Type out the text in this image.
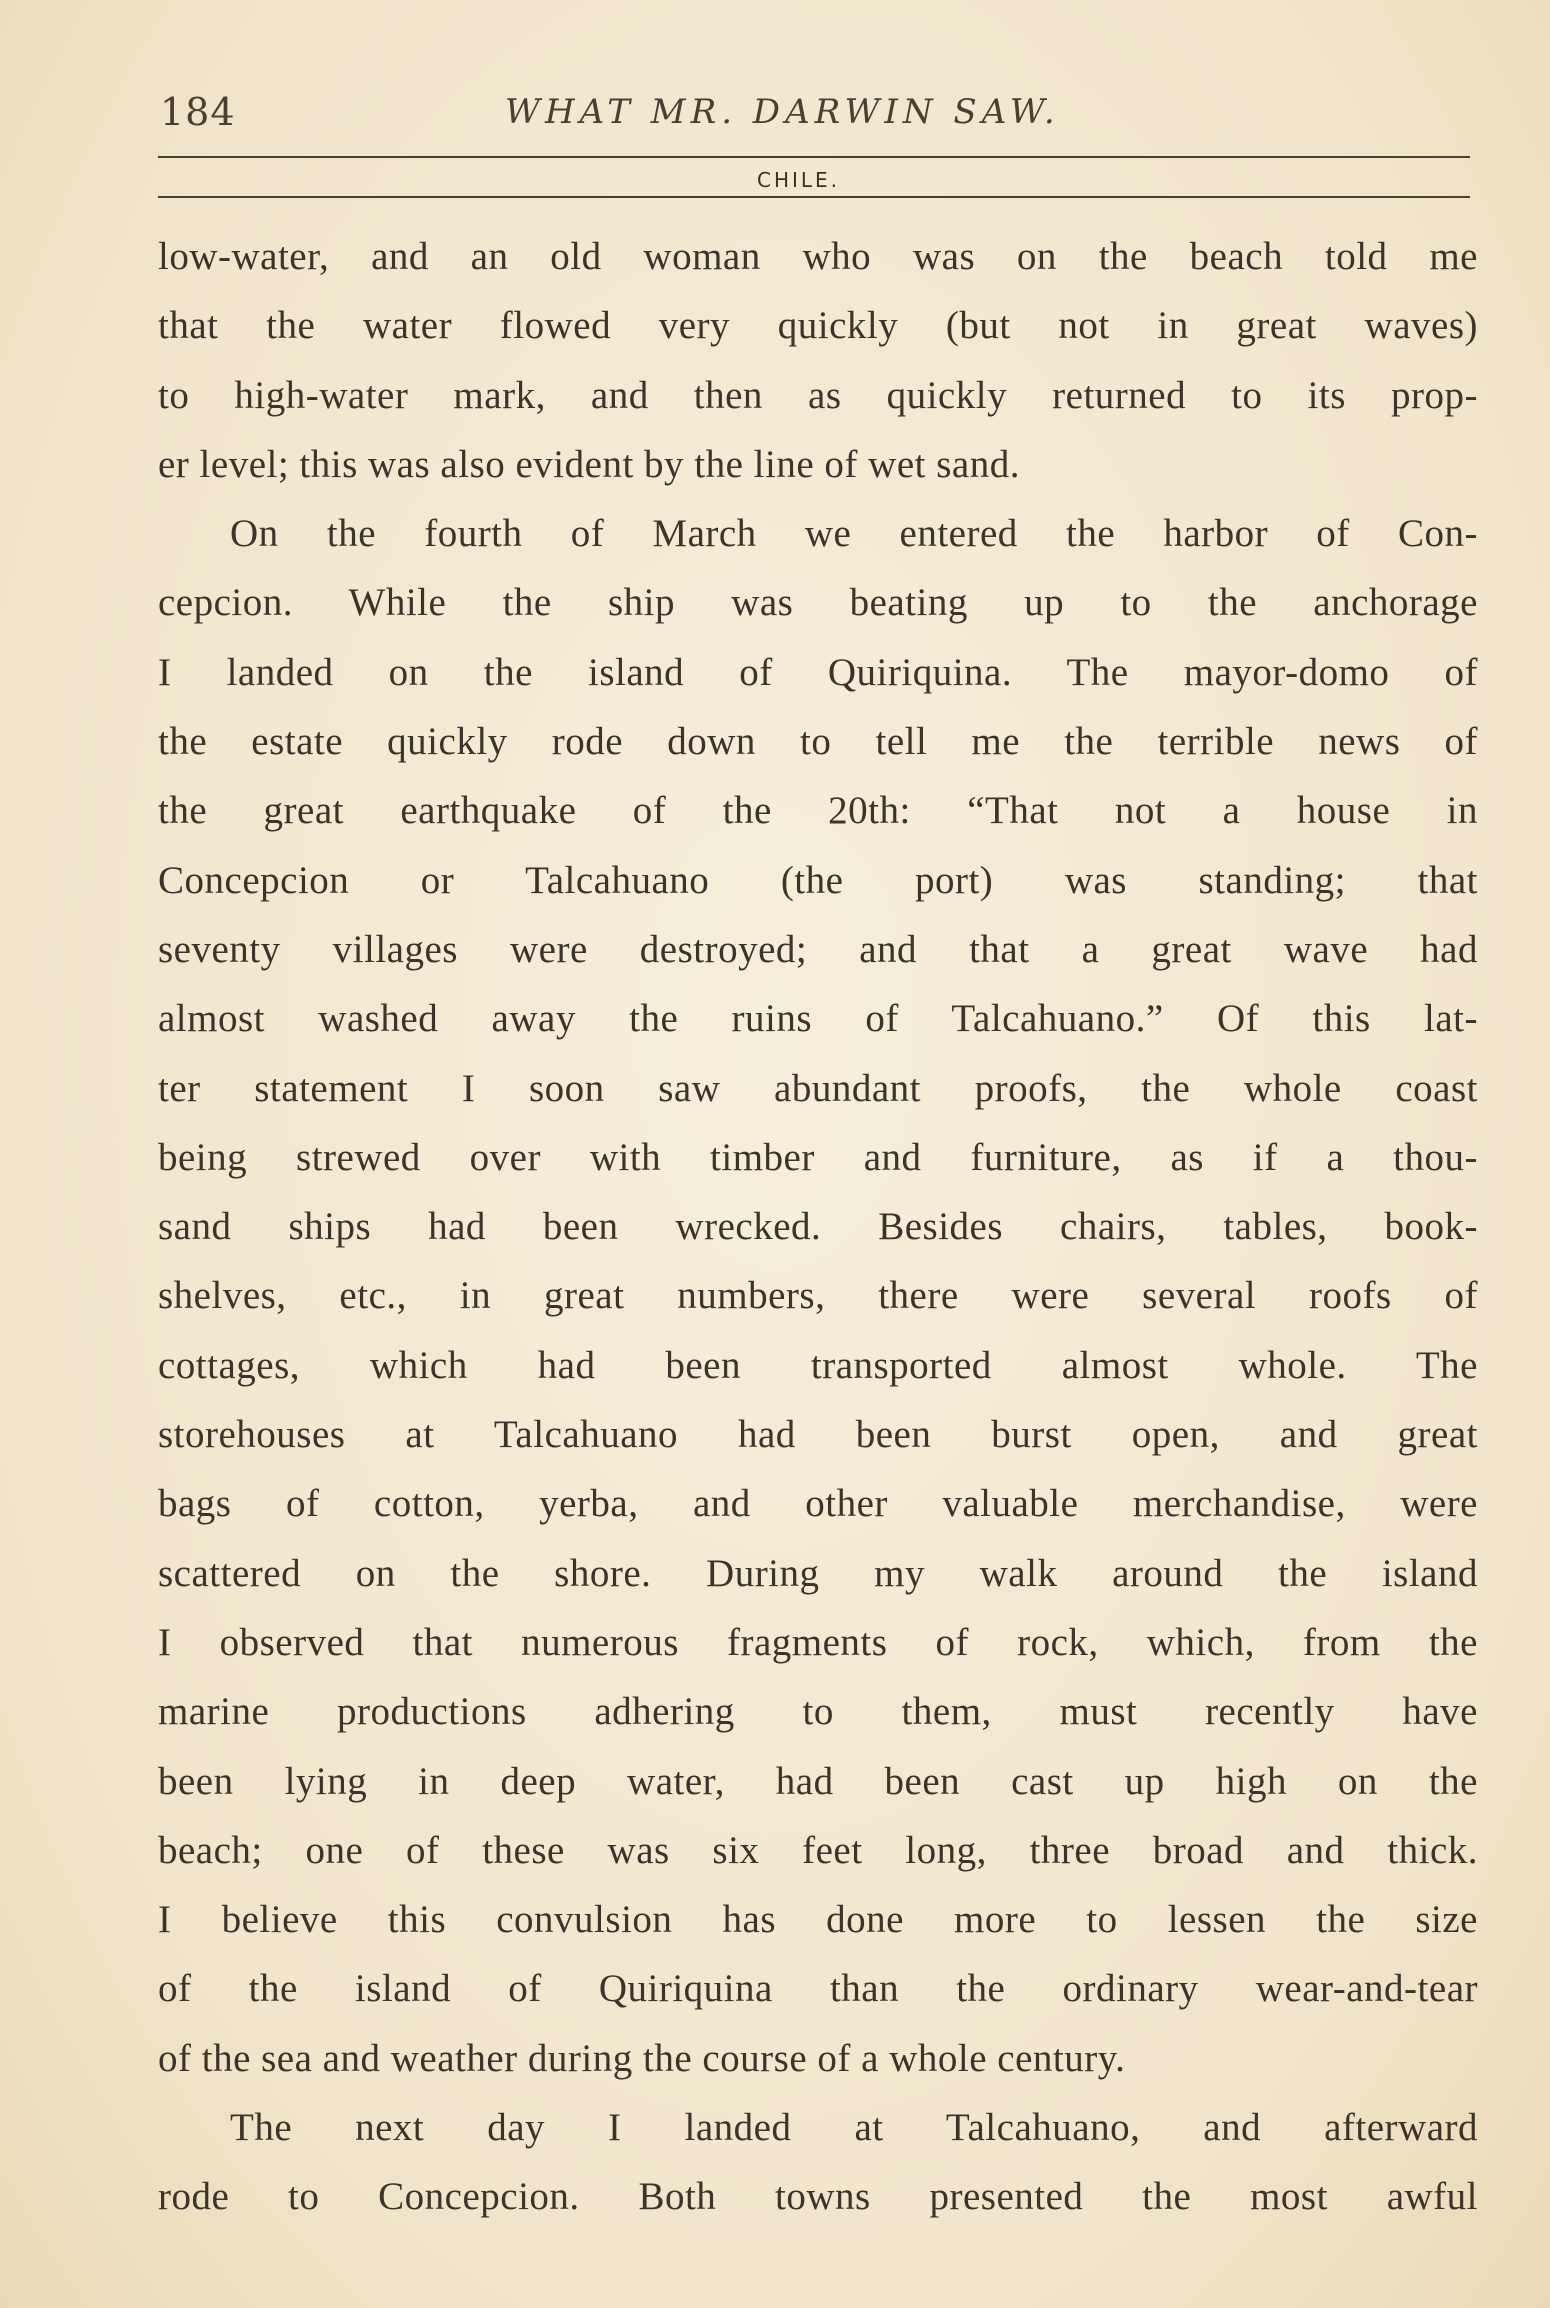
184	WHAT MR. DARWIN SAW.
CHILE.
low-water, and an old woman who was on the beach told me
that the water flowed very quickly (but not in great waves)
to high-water mark, and then as quickly returned to its prop-
er level; this was also evident by the line of wet sand.
On the fourth of March we entered the harbor of Con-
cepcion. While the ship was beating up to the anchorage
I landed on the island of Quiriquina. The mayor-domo of
the estate quickly rode down to tell me the terrible news of
the great earthquake of the 20th: “That not a house in
Concepcion or Talcahuano (the port) was standing; that
seventy villages were destroyed; and that a great wave had
almost washed away the ruins of Talcahuano.” Of this lat-
ter statement I soon saw abundant proofs, the whole coast
being strewed over with timber and furniture, as if a thou-
sand ships had been wrecked. Besides chairs, tables, book-
shelves, etc., in great numbers, there were several roofs of
cottages, which had been transported almost whole. The
storehouses at Talcahuano had been burst open, and great
bags of cotton, yerba, and other valuable merchandise, were
scattered on the shore. During my walk around the island
I observed that numerous fragments of rock, which, from the
marine productions adhering to them, must recently have
been lying in deep water, had been cast up high on the
beach; one of these was six feet long, three broad and thick.
I believe this convulsion has done more to lessen the size
of the island of Quiriquina than the ordinary wear-and-tear
of the sea and weather during the course of a whole century.
The next day I landed at Talcahuano, and afterward
rode to Concepcion. Both towns presented the most awful
